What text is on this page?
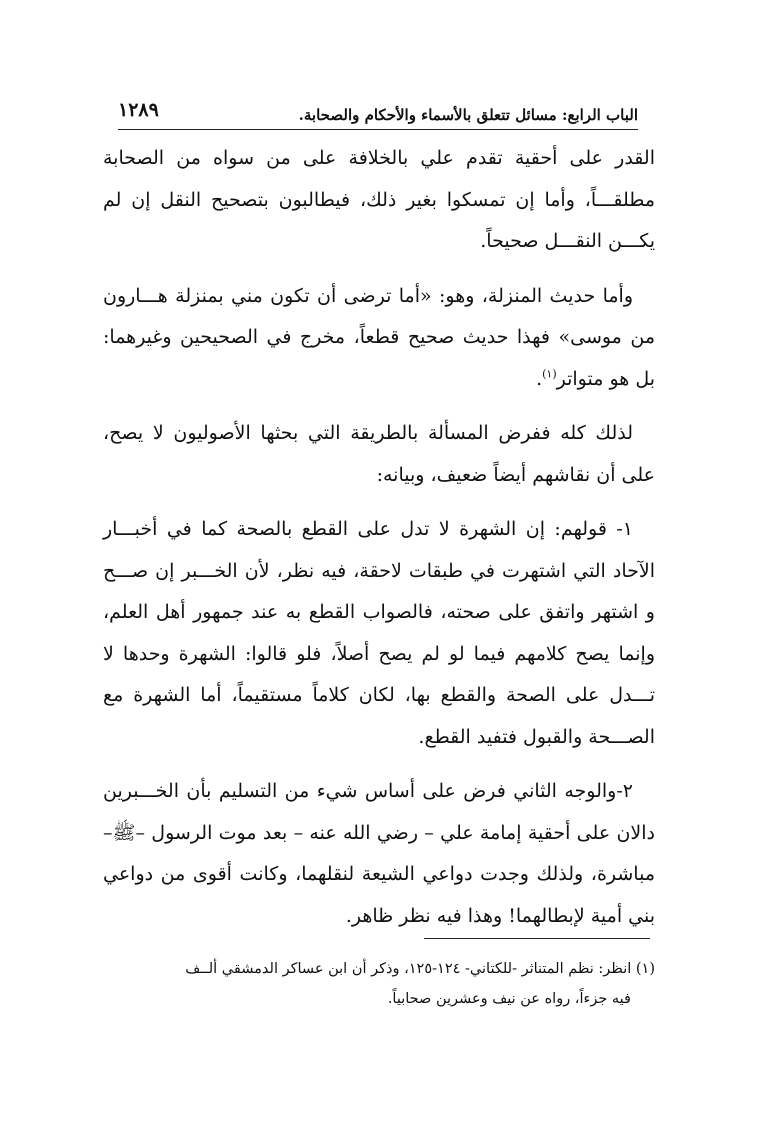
الباب الرابع: مسائل تتعلق بالأسماء والأحكام والصحابة.
١٢٨٩

القدر على أحقية تقدم علي بالخلافة على من سواه من الصحابة مطلقـــاً، وأما إن تمسكوا بغير ذلك، فيطالبون بتصحيح النقل إن لم يكـــن النقـــل صحيحاً.

وأما حديث المنزلة، وهو: «أما ترضى أن تكون مني بمنزلة هـــارون من موسى» فهذا حديث صحيح قطعاً، مخرج في الصحيحين وغيرهما: بل هو متواتر$^{(١)}$.

لذلك كله ففرض المسألة بالطريقة التي بحثها الأصوليون لا يصح، على أن نقاشهم أيضاً ضعيف، وبيانه:

١- قولهم: إن الشهرة لا تدل على القطع بالصحة كما في أخبـــار الآحاد التي اشتهرت في طبقات لاحقة، فيه نظر، لأن الخـــبر إن صـــح و اشتهر واتفق على صحته، فالصواب القطع به عند جمهور أهل العلم، وإنما يصح كلامهم فيما لو لم يصح أصلاً، فلو قالوا: الشهرة وحدها لا تـــدل على الصحة والقطع بها، لكان كلاماً مستقيماً، أما الشهرة مع الصـــحة والقبول فتفيد القطع.

٢-والوجه الثاني فرض على أساس شيء من التسليم بأن الخـــبرين دالان على أحقية إمامة علي – رضي الله عنه – بعد موت الرسول –ﷺ– مباشرة، ولذلك وجدت دواعي الشيعة لنقلهما، وكانت أقوى من دواعي بني أمية لإبطالهما! وهذا فيه نظر ظاهر.

(١) انظر: نظم المتناثر -للكتاني- ١٢٤-١٢٥، وذكر أن ابن عساكر الدمشقي ألــف

فيه جزءاً، رواه عن نيف وعشرين صحابياً.
